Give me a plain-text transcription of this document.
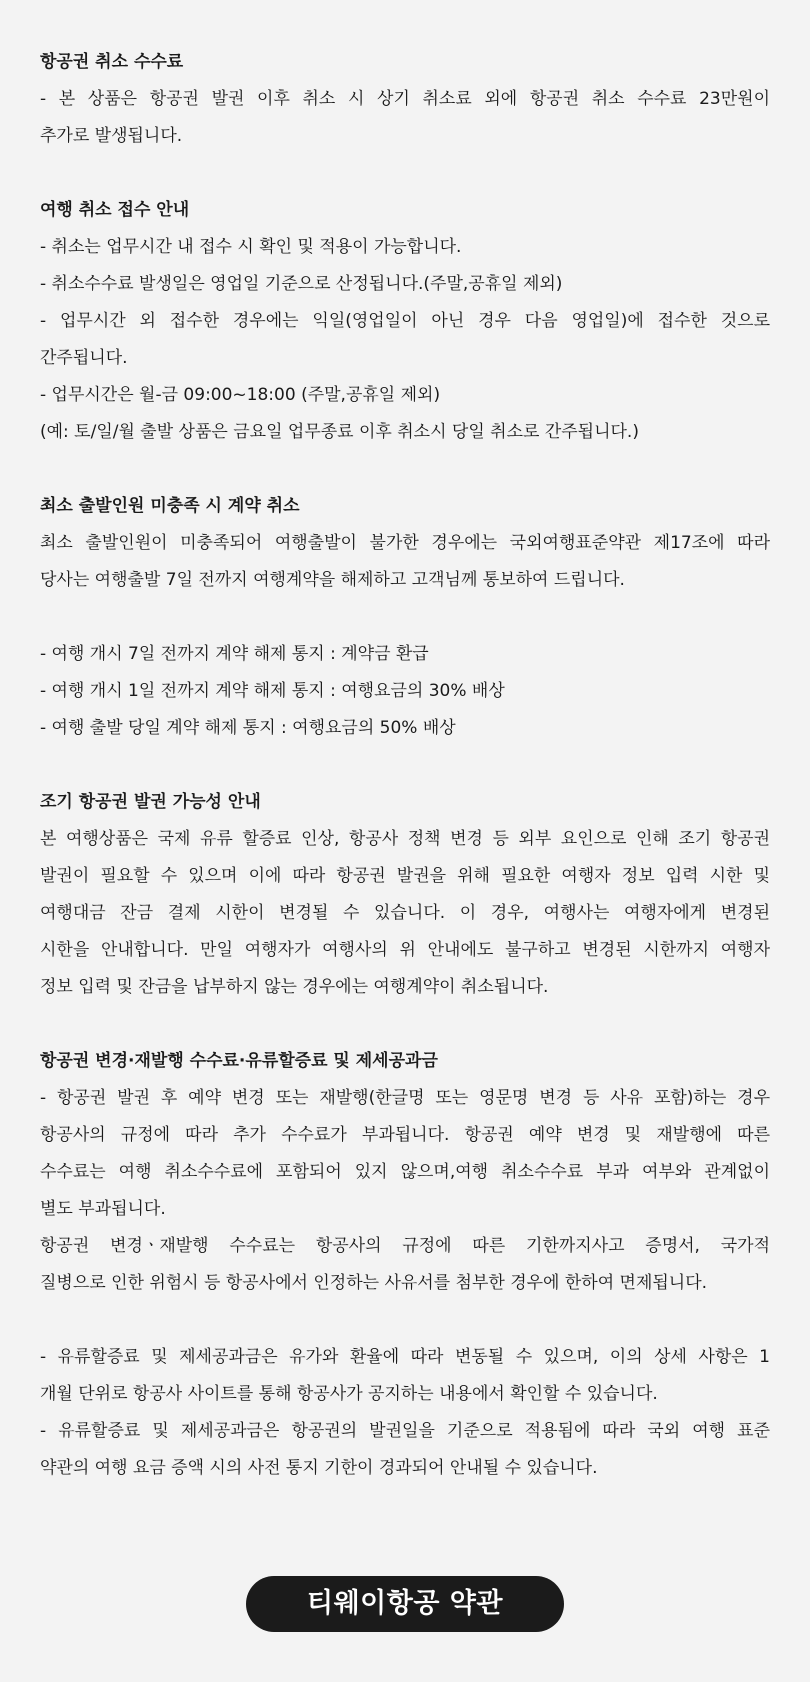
항공권 취소 수수료
- 본 상품은 항공권 발권 이후 취소 시 상기 취소료 외에 항공권 취소 수수료 23만원이
추가로 발생됩니다.
여행 취소 접수 안내
- 취소는 업무시간 내 접수 시 확인 및 적용이 가능합니다.
- 취소수수료 발생일은 영업일 기준으로 산정됩니다.(주말,공휴일 제외)
- 업무시간 외 접수한 경우에는 익일(영업일이 아닌 경우 다음 영업일)에 접수한 것으로
간주됩니다.
- 업무시간은 월-금 09:00~18:00 (주말,공휴일 제외)
(예: 토/일/월 출발 상품은 금요일 업무종료 이후 취소시 당일 취소로 간주됩니다.)
최소 출발인원 미충족 시 계약 취소
최소 출발인원이 미충족되어 여행출발이 불가한 경우에는 국외여행표준약관 제17조에 따라
당사는 여행출발 7일 전까지 여행계약을 해제하고 고객님께 통보하여 드립니다.
- 여행 개시 7일 전까지 계약 해제 통지 : 계약금 환급
- 여행 개시 1일 전까지 계약 해제 통지 : 여행요금의 30% 배상
- 여행 출발 당일 계약 해제 통지 : 여행요금의 50% 배상
조기 항공권 발권 가능성 안내
본 여행상품은 국제 유류 할증료 인상, 항공사 정책 변경 등 외부 요인으로 인해 조기 항공권
발권이 필요할 수 있으며 이에 따라 항공권 발권을 위해 필요한 여행자 정보 입력 시한 및
여행대금 잔금 결제 시한이 변경될 수 있습니다. 이 경우, 여행사는 여행자에게 변경된
시한을 안내합니다. 만일 여행자가 여행사의 위 안내에도 불구하고 변경된 시한까지 여행자
정보 입력 및 잔금을 납부하지 않는 경우에는 여행계약이 취소됩니다.
항공권 변경·재발행 수수료·유류할증료 및 제세공과금
- 항공권 발권 후 예약 변경 또는 재발행(한글명 또는 영문명 변경 등 사유 포함)하는 경우
항공사의 규정에 따라 추가 수수료가 부과됩니다. 항공권 예약 변경 및 재발행에 따른
수수료는 여행 취소수수료에 포함되어 있지 않으며,여행 취소수수료 부과 여부와 관계없이
별도 부과됩니다.
항공권 변경ㆍ재발행 수수료는 항공사의 규정에 따른 기한까지사고 증명서, 국가적
질병으로 인한 위험시 등 항공사에서 인정하는 사유서를 첨부한 경우에 한하여 면제됩니다.
- 유류할증료 및 제세공과금은 유가와 환율에 따라 변동될 수 있으며, 이의 상세 사항은 1
개월 단위로 항공사 사이트를 통해 항공사가 공지하는 내용에서 확인할 수 있습니다.
- 유류할증료 및 제세공과금은 항공권의 발권일을 기준으로 적용됨에 따라 국외 여행 표준
약관의 여행 요금 증액 시의 사전 통지 기한이 경과되어 안내될 수 있습니다.
티웨이항공 약관
